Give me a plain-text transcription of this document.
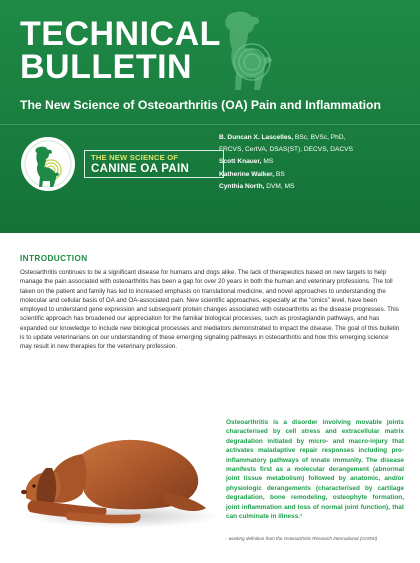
TECHNICAL
BULLETIN
The New Science of Osteoarthritis (OA) Pain and Inflammation
THE NEW SCIENCE OF
CANINE OA PAIN
B. Duncan X. Lascelles, BSc, BVSc, PhD,
FRCVS, CertVA, DSAS(ST), DECVS, DACVS
Scott Knauer, MS
Katherine Walker, BS
Cynthia North, DVM, MS
INTRODUCTION
Osteoarthritis continues to be a significant disease for humans and dogs alike. The lack of therapeutics based on new targets to help manage the pain associated with osteoarthritis has been a gap for over 20 years in both the human and veterinary professions. The toll taken on the patient and family has led to increased emphasis on translational medicine, and novel approaches to understanding the molecular and cellular basis of OA and OA-associated pain. New scientific approaches, especially at the "omics" level, have been employed to understand gene expression and subsequent protein changes associated with osteoarthritis as the disease progresses. This scientific approach has broadened our appreciation for the familiar biological processes, such as prostaglandin pathways, and has expanded our knowledge to include new biological processes and mediators demonstrated to impact the disease. The goal of this bulletin is to update veterinarians on our understanding of these emerging signaling pathways in osteoarthritis and how this emerging science may result in new therapies for the veterinary profession.
Osteoarthritis is a disorder involving movable joints characterised by cell stress and extracellular matrix degradation initiated by micro- and macro-injury that activates maladaptive repair responses including pro-inflammatory pathways of innate immunity. The disease manifests first as a molecular derangement (abnormal joint tissue metabolism) followed by anatomic, and/or physiologic derangements (characterised by cartilage degradation, bone remodeling, osteophyte formation, joint inflammation and loss of normal joint function), that can culminate in illness.¹
- working definition from the Osteoarthritis Research International (OARSI)
